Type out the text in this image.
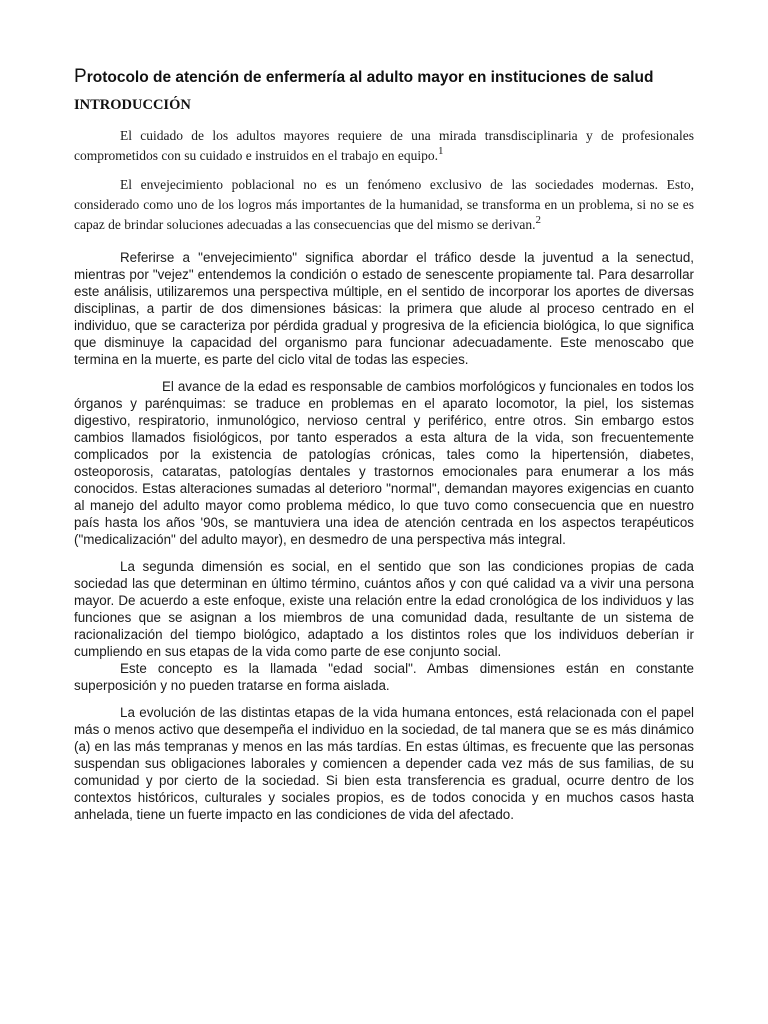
Protocolo de atención de enfermería al adulto mayor en instituciones de salud
INTRODUCCIÓN

El cuidado de los adultos mayores requiere de una mirada transdisciplinaria y de profesionales comprometidos con su cuidado e instruidos en el trabajo en equipo.$^1$

El envejecimiento poblacional no es un fenómeno exclusivo de las sociedades modernas. Esto, considerado como uno de los logros más importantes de la humanidad, se transforma en un problema, si no se es capaz de brindar soluciones adecuadas a las consecuencias que del mismo se derivan.$^2$

Referirse a "envejecimiento" significa abordar el tráfico desde la juventud a la senectud, mientras por "vejez" entendemos la condición o estado de senescente propiamente tal. Para desarrollar este análisis, utilizaremos una perspectiva múltiple, en el sentido de incorporar los aportes de diversas disciplinas, a partir de dos dimensiones básicas: la primera que alude al proceso centrado en el individuo, que se caracteriza por pérdida gradual y progresiva de la eficiencia biológica, lo que significa que disminuye la capacidad del organismo para funcionar adecuadamente. Este menoscabo que termina en la muerte, es parte del ciclo vital de todas las especies.

El avance de la edad es responsable de cambios morfológicos y funcionales en todos los órganos y parénquimas: se traduce en problemas en el aparato locomotor, la piel, los sistemas digestivo, respiratorio, inmunológico, nervioso central y periférico, entre otros. Sin embargo estos cambios llamados fisiológicos, por tanto esperados a esta altura de la vida, son frecuentemente complicados por la existencia de patologías crónicas, tales como la hipertensión, diabetes, osteoporosis, cataratas, patologías dentales y trastornos emocionales para enumerar a los más conocidos. Estas alteraciones sumadas al deterioro "normal", demandan mayores exigencias en cuanto al manejo del adulto mayor como problema médico, lo que tuvo como consecuencia que en nuestro país hasta los años '90s, se mantuviera una idea de atención centrada en los aspectos terapéuticos ("medicalización" del adulto mayor), en desmedro de una perspectiva más integral.

La segunda dimensión es social, en el sentido que son las condiciones propias de cada sociedad las que determinan en último término, cuántos años y con qué calidad va a vivir una persona mayor. De acuerdo a este enfoque, existe una relación entre la edad cronológica de los individuos y las funciones que se asignan a los miembros de una comunidad dada, resultante de un sistema de racionalización del tiempo biológico, adaptado a los distintos roles que los individuos deberían ir cumpliendo en sus etapas de la vida como parte de ese conjunto social.

Este concepto es la llamada "edad social". Ambas dimensiones están en constante superposición y no pueden tratarse en forma aislada.

La evolución de las distintas etapas de la vida humana entonces, está relacionada con el papel más o menos activo que desempeña el individuo en la sociedad, de tal manera que se es más dinámico (a) en las más tempranas y menos en las más tardías. En estas últimas, es frecuente que las personas suspendan sus obligaciones laborales y comiencen a depender cada vez más de sus familias, de su comunidad y por cierto de la sociedad. Si bien esta transferencia es gradual, ocurre dentro de los contextos históricos, culturales y sociales propios, es de todos conocida y en muchos casos hasta anhelada, tiene un fuerte impacto en las condiciones de vida del afectado.
